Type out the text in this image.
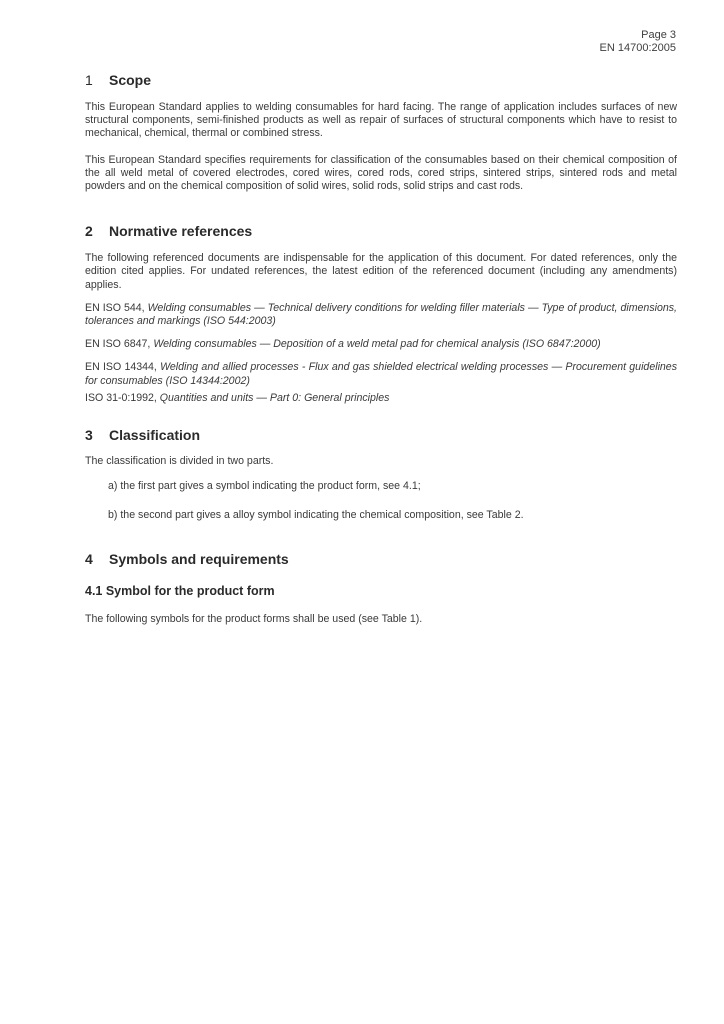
Page 3
EN 14700:2005
1 Scope

This European Standard applies to welding consumables for hard facing. The range of application includes surfaces of new structural components, semi-finished products as well as repair of surfaces of structural components which have to resist to mechanical, chemical, thermal or combined stress.

This European Standard specifies requirements for classification of the consumables based on their chemical composition of the all weld metal of covered electrodes, cored wires, cored rods, cored strips, sintered strips, sintered rods and metal powders and on the chemical composition of solid wires, solid rods, solid strips and cast rods.

2 Normative references

The following referenced documents are indispensable for the application of this document. For dated references, only the edition cited applies. For undated references, the latest edition of the referenced document (including any amendments) applies.

EN ISO 544, Welding consumables — Technical delivery conditions for welding filler materials — Type of product, dimensions, tolerances and markings (ISO 544:2003)

EN ISO 6847, Welding consumables — Deposition of a weld metal pad for chemical analysis (ISO 6847:2000)

EN ISO 14344, Welding and allied processes - Flux and gas shielded electrical welding processes — Procurement guidelines for consumables (ISO 14344:2002)

ISO 31-0:1992, Quantities and units — Part 0: General principles

3 Classification

The classification is divided in two parts.

a) the first part gives a symbol indicating the product form, see 4.1;

b) the second part gives a alloy symbol indicating the chemical composition, see Table 2.

4 Symbols and requirements
4.1 Symbol for the product form

The following symbols for the product forms shall be used (see Table 1).
